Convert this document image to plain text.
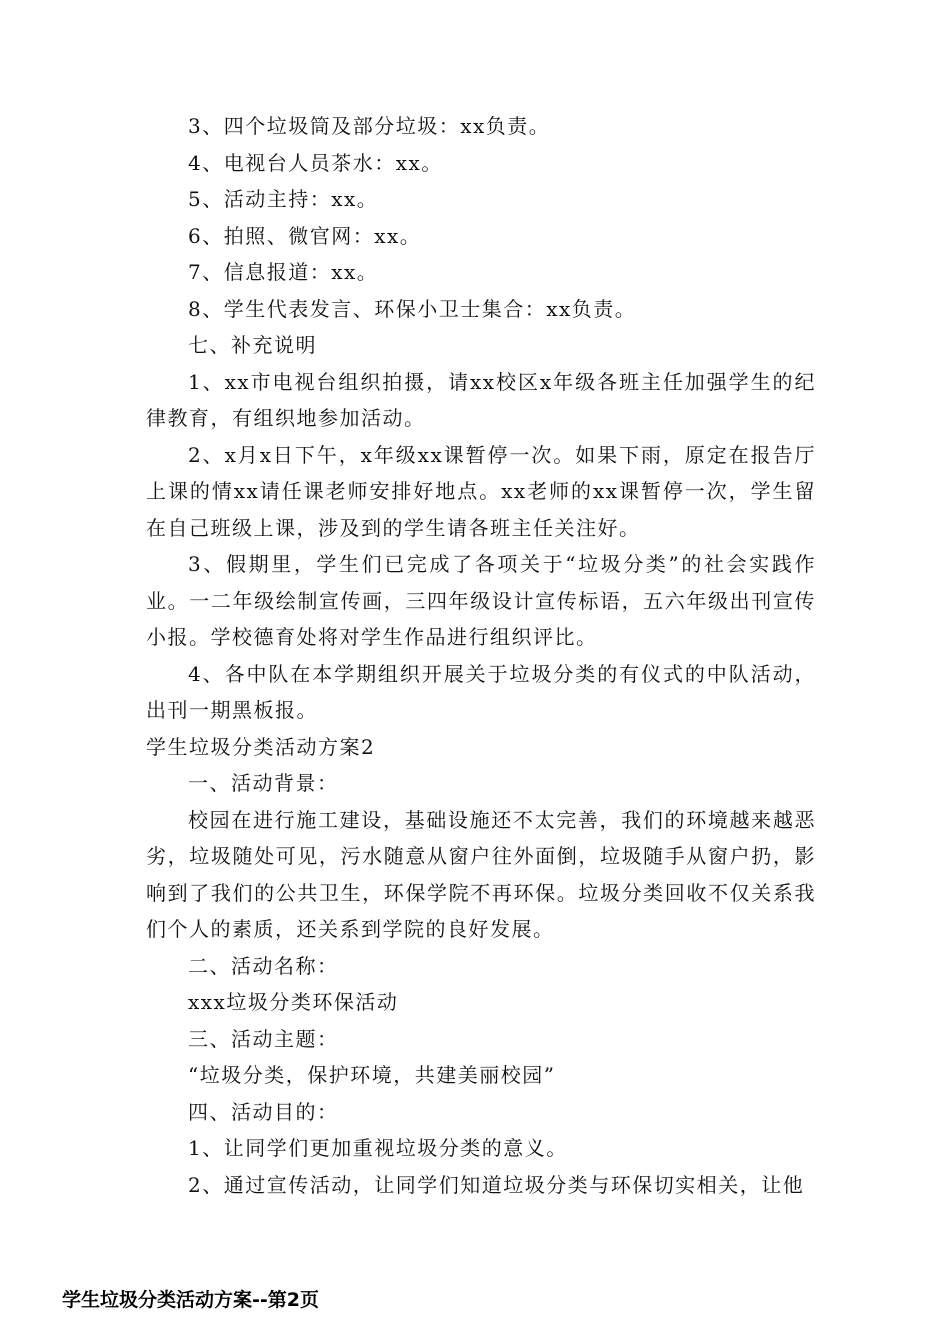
3、四个垃圾筒及部分垃圾：xx负责。
4、电视台人员茶水：xx。
5、活动主持：xx。
6、拍照、微官网：xx。
7、信息报道：xx。
8、学生代表发言、环保小卫士集合：xx负责。
七、补充说明

1、xx市电视台组织拍摄，请xx校区x年级各班主任加强学生的纪律教育，有组织地参加活动。

2、x月x日下午，x年级xx课暂停一次。如果下雨，原定在报告厅上课的情xx请任课老师安排好地点。xx老师的xx课暂停一次，学生留在自己班级上课，涉及到的学生请各班主任关注好。

3、假期里，学生们已完成了各项关于“垃圾分类”的社会实践作业。一二年级绘制宣传画，三四年级设计宣传标语，五六年级出刊宣传小报。学校德育处将对学生作品进行组织评比。

4、各中队在本学期组织开展关于垃圾分类的有仪式的中队活动，出刊一期黑板报。

学生垃圾分类活动方案2
一、活动背景：

校园在进行施工建设，基础设施还不太完善，我们的环境越来越恶劣，垃圾随处可见，污水随意从窗户往外面倒，垃圾随手从窗户扔，影响到了我们的公共卫生，环保学院不再环保。垃圾分类回收不仅关系我们个人的素质，还关系到学院的良好发展。

二、活动名称：
xxx垃圾分类环保活动
三、活动主题：
“垃圾分类，保护环境，共建美丽校园”
四、活动目的：
1、让同学们更加重视垃圾分类的意义。
2、通过宣传活动，让同学们知道垃圾分类与环保切实相关，让他
学生垃圾分类活动方案--第2页
